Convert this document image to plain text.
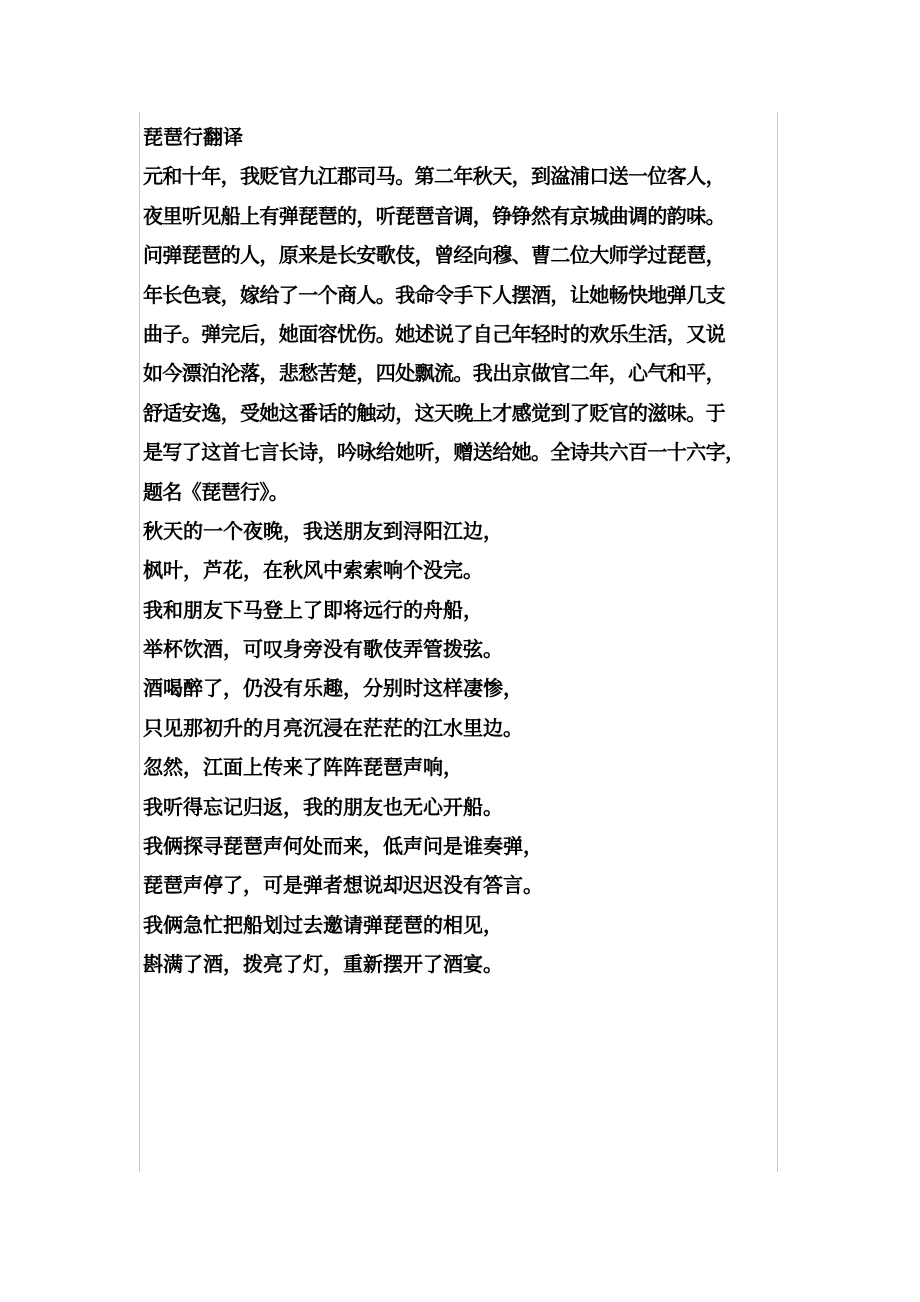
琵琶行翻译
元和十年，我贬官九江郡司马。第二年秋天，到湓浦口送一位客人，
夜里听见船上有弹琵琶的，听琵琶音调，铮铮然有京城曲调的韵味。
问弹琵琶的人，原来是长安歌伎，曾经向穆、曹二位大师学过琵琶，
年长色衰，嫁给了一个商人。我命令手下人摆酒，让她畅快地弹几支
曲子。弹完后，她面容忧伤。她述说了自己年轻时的欢乐生活，又说
如今漂泊沦落，悲愁苦楚，四处飘流。我出京做官二年，心气和平，
舒适安逸，受她这番话的触动，这天晚上才感觉到了贬官的滋味。于
是写了这首七言长诗，吟咏给她听，赠送给她。全诗共六百一十六字，
题名《琵琶行》。
秋天的一个夜晚，我送朋友到浔阳江边，
枫叶，芦花，在秋风中索索响个没完。
我和朋友下马登上了即将远行的舟船，
举杯饮酒，可叹身旁没有歌伎弄管拨弦。
酒喝醉了，仍没有乐趣，分别时这样凄惨，
只见那初升的月亮沉浸在茫茫的江水里边。
忽然，江面上传来了阵阵琵琶声响，
我听得忘记归返，我的朋友也无心开船。
我俩探寻琵琶声何处而来，低声问是谁奏弹，
琵琶声停了，可是弹者想说却迟迟没有答言。
我俩急忙把船划过去邀请弹琵琶的相见，
斟满了酒，拨亮了灯，重新摆开了酒宴。
